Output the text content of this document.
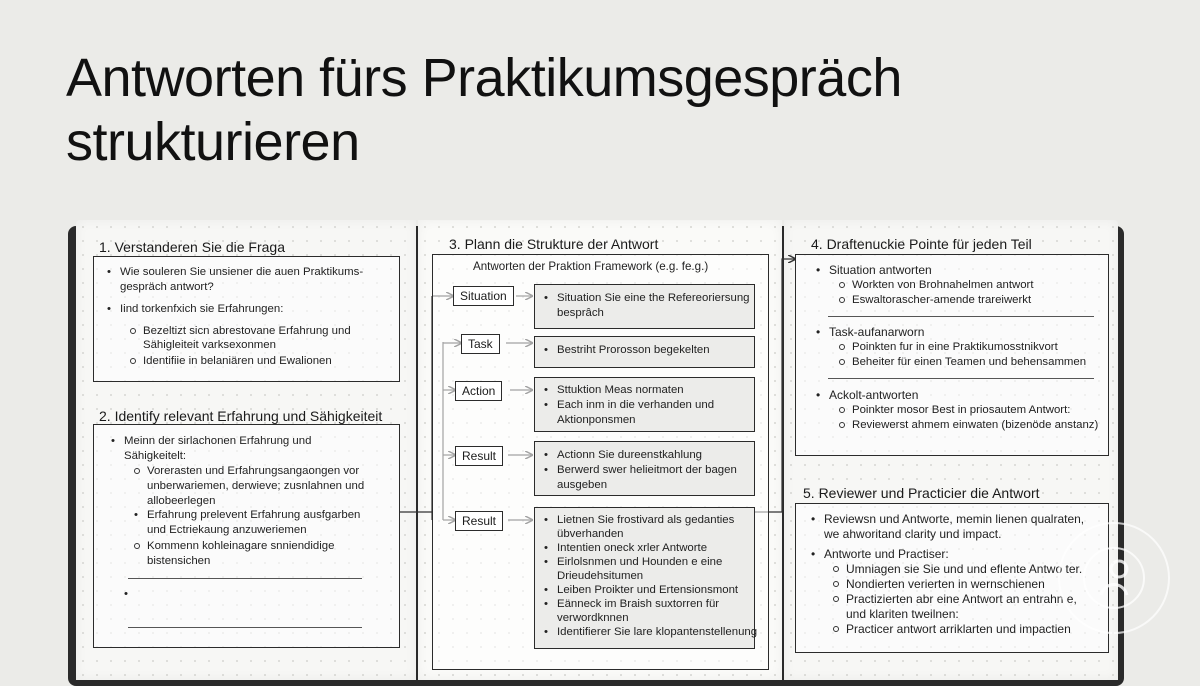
Antworten fürs Praktikumsgespräch
strukturieren
1. Verstanderen Sie die Fraga
• Wie souleren Sie unsiener die auen Praktikums-
gespräch antwort?
• Iind torkenfxich sie Erfahrungen:
Bezeltizt sicn abrestovane Erfahrung und
Sähigleiteit varksexonmen
Identifiie in belaniären und Ewalionen
2. Identify relevant Erfahrung und Sähigkeiteit
• Meinn der sirlachonen Erfahrung und
Sähigkeitelt:
Vorerasten und Erfahrungsangaongen vor
unberwariemen, derwieve; zusnlahnen und
allobeerlegen
• Erfahrung prelevent Erfahrung ausfgarben
und Ectriekaung anzuweriemen
Kommenn kohleinagare snniendidige
bistensichen
•
3. Plann die Strukture der Antwort
Antworten der Praktion Framework (e.g. fe.g.)
Situation	• Situation Sie eine the Refereoriersung
besprâch
Task	• Bestriht Prorosson begekelten
Action	• Sttuktion Meas normaten
• Each inm in die verhanden und
Aktionponsmen
Result	• Actionn Sie dureenstkahlung
• Berwerd swer helieitmort der bagen
ausgeben
Result	• Lietnen Sie frostivard als gedanties
übverhanden
• Intentien oneck xrler Antworte
• Eirlolsnmen und Hounden e eine
Drieudehsitumen
• Leiben Proikter und Ertensionsmont
• Eänneck im Braish suxtorren für
verwordknnen
• Identifierer Sie lare klopantenstellenung
4. Draftenuckie Pointe für jeden Teil
• Situation antworten
Workten von Brohnahelmen antwort
Eswaltorascher-amende trareiwerkt
• Task-aufanarworn
Poinkten fur in eine Praktikumosstnikvort
Beheiter für einen Teamen und behensammen
• Ackolt-antworten
Poinkter mosor Best in priosautem Antwort:
Reviewerst ahmem einwaten (bizenöde anstanz)
5. Reviewer und Practicier die Antwort
• Reviewsn und Antworte, memin lienen qualraten,
we ahworitand clarity und impact.
• Antworte und Practiser:
Umniagen sie Sie und und eflente Antwo ter.
Nondierten verierten in wernschienen
Practizierten abr eine Antwort an entrahn e,
und klariten tweilnen:
Practicer antwort arriklarten und impactien
